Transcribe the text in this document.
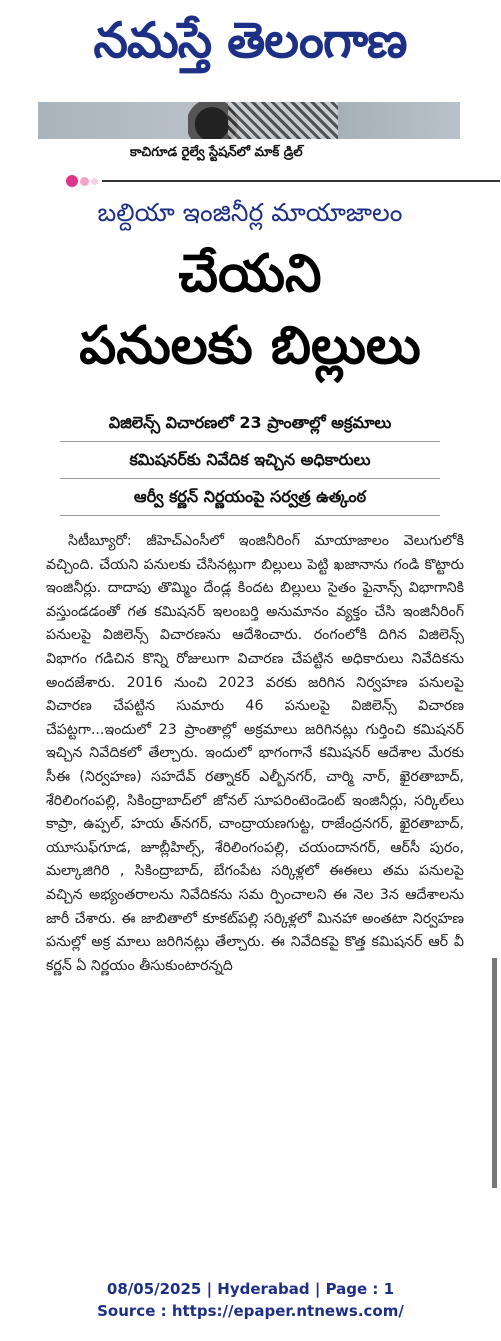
నమస్తే తెలంగాణ
కాచిగూడ రైల్వే స్టేషన్‌లో మాక్ డ్రిల్
బల్దియా ఇంజినీర్ల మాయాజాలం
చేయని
పనులకు బిల్లులు
విజిలెన్స్ విచారణలో 23 ప్రాంతాల్లో అక్రమాలు
కమిషనర్‌కు నివేదిక ఇచ్చిన అధికారులు
ఆర్వీ కర్ణన్ నిర్ణయంపై సర్వత్ర ఉత్కంఠ
సిటీబ్యూరో: జీహెచ్ఎంసీలో ఇంజినీరింగ్ మాయాజాలం వెలుగులోకి వచ్చింది. చేయని పనులకు చేసినట్లుగా బిల్లులు పెట్టి ఖజానాను గండి కొట్టారు ఇంజినీర్లు. దాదాపు తొమ్మిం దేండ్ల కిందట బిల్లులు సైతం ఫైనాన్స్ విభాగానికి వస్తుండడంతో గత కమిషనర్ ఇలంబర్తి అనుమానం వ్యక్తం చేసి ఇంజినీరింగ్ పనులపై విజిలెన్స్ విచారణను ఆదేశించారు. రంగంలోకి దిగిన విజిలెన్స్ విభాగం గడిచిన కొన్ని రోజులుగా విచారణ చేపట్టిన అధికారులు నివేదికను అందజేశారు. 2016 నుంచి 2023 వరకు జరిగిన నిర్వహణ పనులపై విచారణ చేపట్టిన సుమారు 46 పనులపై విజిలెన్స్ విచారణ చేపట్టగా...ఇందులో 23 ప్రాంతాల్లో అక్రమాలు జరిగినట్లు గుర్తించి కమిషనర్ ఇచ్చిన నివేదికలో తేల్చారు. ఇందులో భాగంగానే కమిషనర్ ఆదేశాల మేరకు సీఈ (నిర్వహణ) సహదేవ్ రత్నాకర్ ఎల్బీనగర్, చార్మి నార్, ఖైరతాబాద్, శేరిలింగంపల్లి, సికింద్రాబాద్‌లో జోనల్ సూపరింటెండెంట్ ఇంజినీర్లు, సర్కిల్‌లు కాప్రా, ఉప్పల్, హయ త్‌నగర్, చాంద్రాయణగుట్ట, రాజేంద్రనగర్, ఖైరతాబాద్, యూసుఫ్‌గూడ, జూబ్లీహిల్స్, శేరిలింగంపల్లి, చయందానగర్, ఆర్‌సీ పురం, మల్కాజిగిరి , సికింద్రాబాద్, బేగంపేట సర్కిళ్లలో ఈఈలు తమ పనులపై వచ్చిన అభ్యంతరాలను నివేదికను సమ ర్పించాలని ఈ నెల 3న ఆదేశాలను జారీ చేశారు. ఈ జాబితాలో కూకట్‌పల్లి సర్కిళ్లలో మినహా అంతటా నిర్వహణ పనుల్లో అక్ర మాలు జరిగినట్లు తేల్చారు. ఈ నివేదికపై కొత్త కమిషనర్ ఆర్ వీ కర్ణన్ ఏ నిర్ణయం తీసుకుంటారన్నది
08/05/2025 | Hyderabad | Page : 1
Source : https://epaper.ntnews.com/
